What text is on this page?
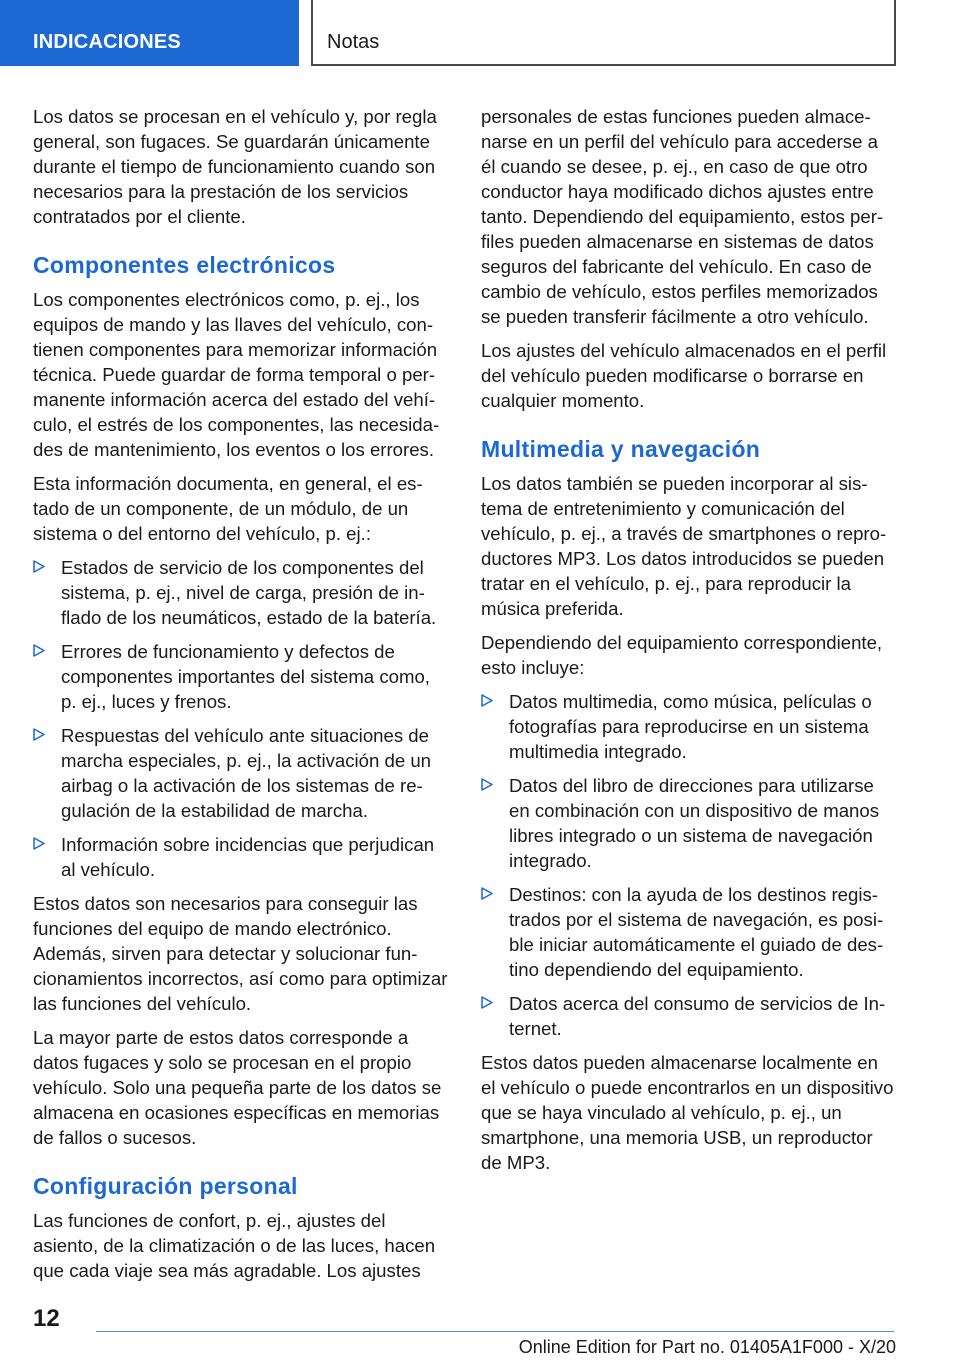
INDICACIONES	Notas

Los datos se procesan en el vehículo y, por regla general, son fugaces. Se guardarán únicamente durante el tiempo de funcionamiento cuando son necesarios para la prestación de los servicios contratados por el cliente.

Componentes electrónicos

Los componentes electrónicos como, p. ej., los equipos de mando y las llaves del vehículo, contienen componentes para memorizar información técnica. Puede guardar de forma temporal o permanente información acerca del estado del vehículo, el estrés de los componentes, las necesidades de mantenimiento, los eventos o los errores.

Esta información documenta, en general, el estado de un componente, de un módulo, de un sistema o del entorno del vehículo, p. ej.:

Estados de servicio de los componentes del sistema, p. ej., nivel de carga, presión de inflado de los neumáticos, estado de la batería.
Errores de funcionamiento y defectos de componentes importantes del sistema como, p. ej., luces y frenos.
Respuestas del vehículo ante situaciones de marcha especiales, p. ej., la activación de un airbag o la activación de los sistemas de regulación de la estabilidad de marcha.
Información sobre incidencias que perjudican al vehículo.

Estos datos son necesarios para conseguir las funciones del equipo de mando electrónico. Además, sirven para detectar y solucionar funcionamientos incorrectos, así como para optimizar las funciones del vehículo.

La mayor parte de estos datos corresponde a datos fugaces y solo se procesan en el propio vehículo. Solo una pequeña parte de los datos se almacena en ocasiones específicas en memorias de fallos o sucesos.

Configuración personal

Las funciones de confort, p. ej., ajustes del asiento, de la climatización o de las luces, hacen que cada viaje sea más agradable. Los ajustes

personales de estas funciones pueden almacenarse en un perfil del vehículo para accederse a él cuando se desee, p. ej., en caso de que otro conductor haya modificado dichos ajustes entre tanto. Dependiendo del equipamiento, estos perfiles pueden almacenarse en sistemas de datos seguros del fabricante del vehículo. En caso de cambio de vehículo, estos perfiles memorizados se pueden transferir fácilmente a otro vehículo.

Los ajustes del vehículo almacenados en el perfil del vehículo pueden modificarse o borrarse en cualquier momento.

Multimedia y navegación

Los datos también se pueden incorporar al sistema de entretenimiento y comunicación del vehículo, p. ej., a través de smartphones o reproductores MP3. Los datos introducidos se pueden tratar en el vehículo, p. ej., para reproducir la música preferida.

Dependiendo del equipamiento correspondiente, esto incluye:

Datos multimedia, como música, películas o fotografías para reproducirse en un sistema multimedia integrado.
Datos del libro de direcciones para utilizarse en combinación con un dispositivo de manos libres integrado o un sistema de navegación integrado.
Destinos: con la ayuda de los destinos registrados por el sistema de navegación, es posible iniciar automáticamente el guiado de destino dependiendo del equipamiento.
Datos acerca del consumo de servicios de Internet.

Estos datos pueden almacenarse localmente en el vehículo o puede encontrarlos en un dispositivo que se haya vinculado al vehículo, p. ej., un smartphone, una memoria USB, un reproductor de MP3.

12
Online Edition for Part no. 01405A1F000 - X/20
